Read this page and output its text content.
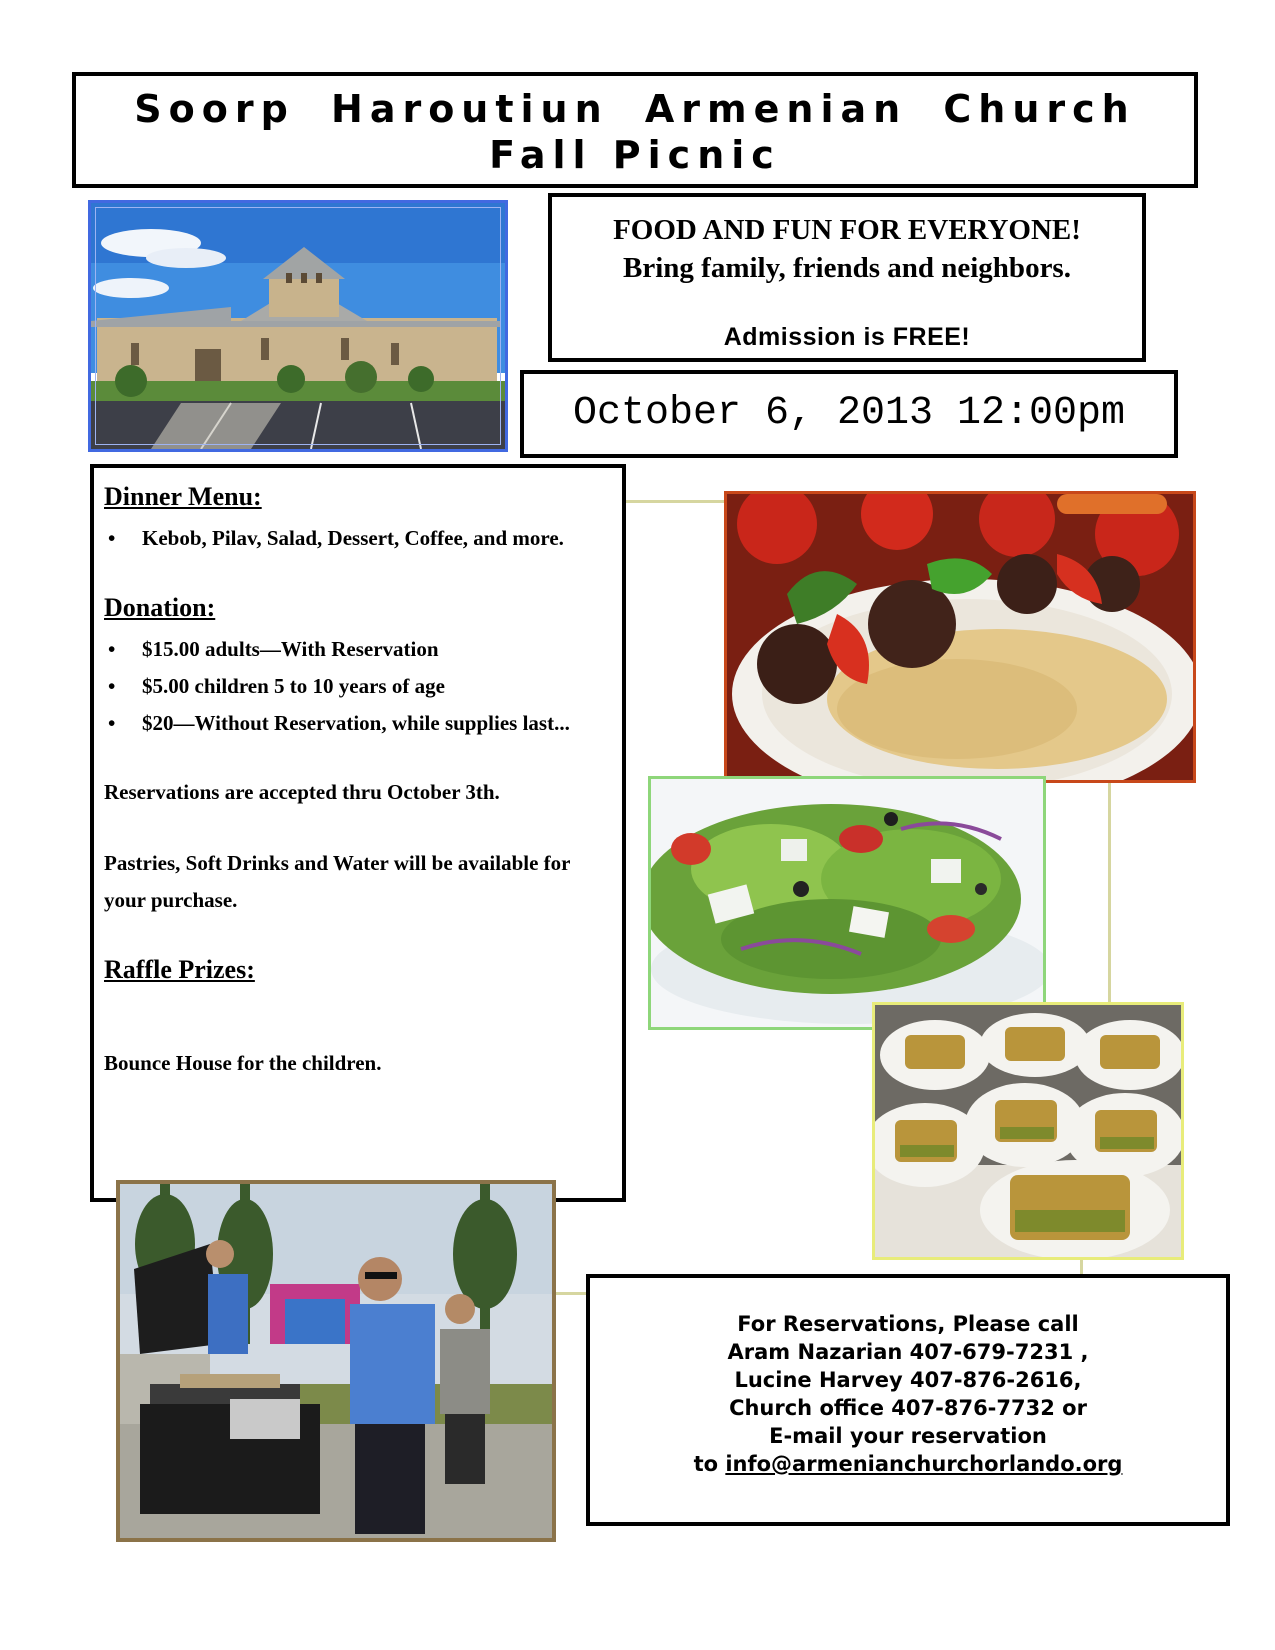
Soorp Haroutiun Armenian Church
Fall Picnic
FOOD AND FUN FOR EVERYONE!
Bring family, friends and neighbors.
Admission is FREE!
October 6, 2013 12:00pm

Dinner Menu:

• Kebob, Pilav, Salad, Dessert, Coffee, and more.

Donation:

• $15.00 adults—With Reservation
• $5.00 children 5 to 10 years of age
• $20—Without Reservation, while supplies last...

Reservations are accepted thru October 3th.

Pastries, Soft Drinks and Water will be available for your purchase.

Raffle Prizes:

Bounce House for the children.

For Reservations, Please call
Aram Nazarian 407-679-7231 ,
Lucine Harvey 407-876-2616,
Church office 407-876-7732 or
E-mail your reservation
to info@armenianchurchorlando.org
